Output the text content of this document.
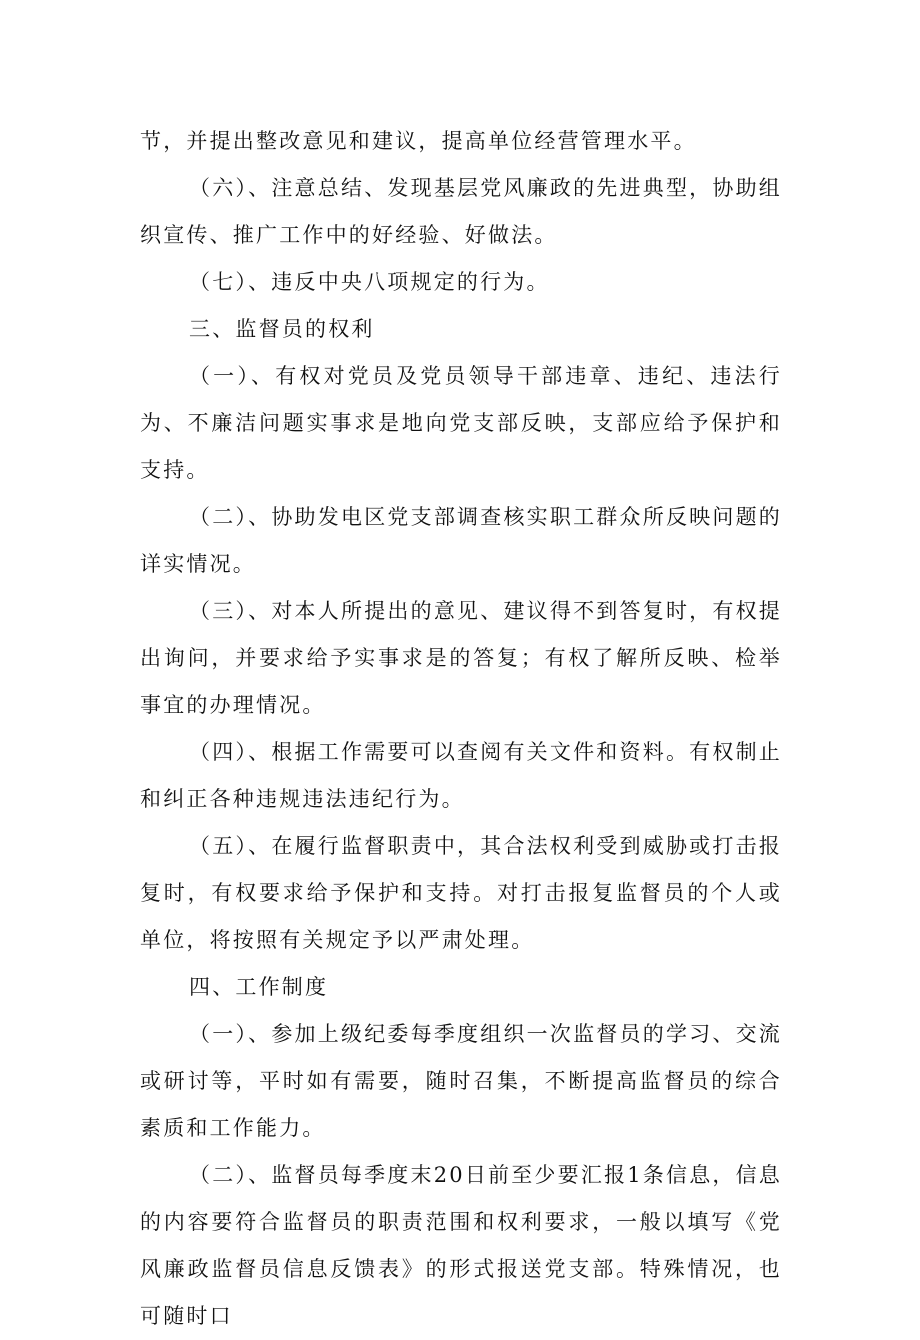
节，并提出整改意见和建议，提高单位经营管理水平。

（六）、注意总结、发现基层党风廉政的先进典型，协助组织宣传、推广工作中的好经验、好做法。

（七）、违反中央八项规定的行为。

三、监督员的权利

（一）、有权对党员及党员领导干部违章、违纪、违法行为、不廉洁问题实事求是地向党支部反映，支部应给予保护和支持。

（二）、协助发电区党支部调查核实职工群众所反映问题的详实情况。

（三）、对本人所提出的意见、建议得不到答复时，有权提出询问，并要求给予实事求是的答复；有权了解所反映、检举事宜的办理情况。

（四）、根据工作需要可以查阅有关文件和资料。有权制止和纠正各种违规违法违纪行为。

（五）、在履行监督职责中，其合法权利受到威胁或打击报复时，有权要求给予保护和支持。对打击报复监督员的个人或单位，将按照有关规定予以严肃处理。

四、工作制度

（一）、参加上级纪委每季度组织一次监督员的学习、交流或研讨等，平时如有需要，随时召集，不断提高监督员的综合素质和工作能力。

（二）、监督员每季度末20日前至少要汇报1条信息，信息的内容要符合监督员的职责范围和权利要求，一般以填写《党风廉政监督员信息反馈表》的形式报送党支部。特殊情况，也可随时口
